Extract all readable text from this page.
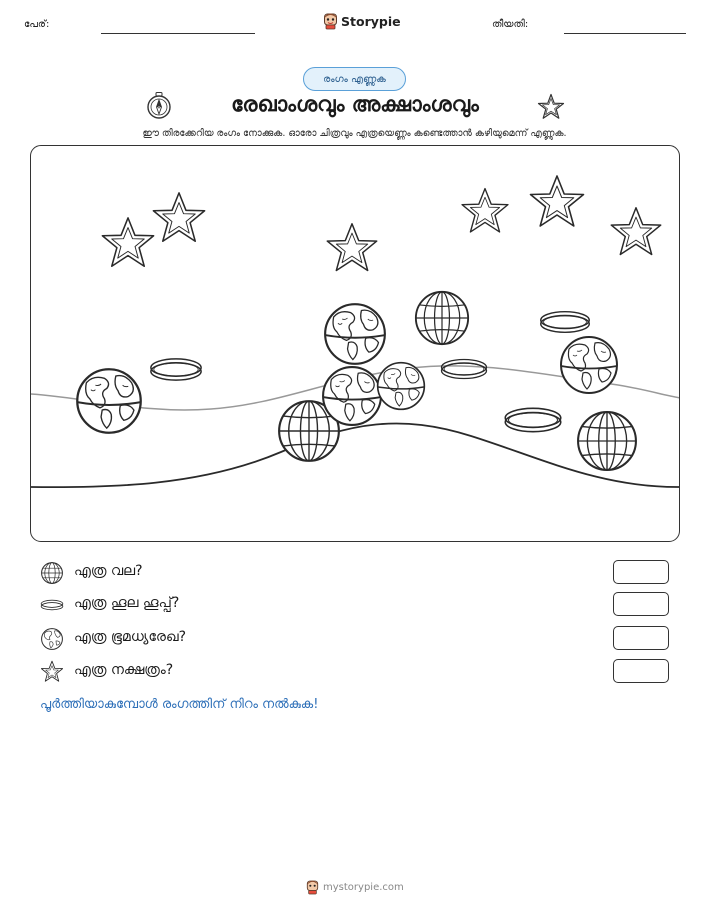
പേര്:	Storypie	തീയതി:
രംഗം എണ്ണുക
രേഖാംശവും അക്ഷാംശവും
ഈ തിരക്കേറിയ രംഗം നോക്കുക. ഓരോ ചിത്രവും എത്രയെണ്ണം കണ്ടെത്താൻ കഴിയുമെന്ന് എണ്ണുക.
എത്ര വല?
എത്ര ഹൂല ഹൂപ്പ്?
എത്ര ഭൂമധ്യരേഖ?
എത്ര നക്ഷത്രം?
പൂർത്തിയാകുമ്പോൾ രംഗത്തിന് നിറം നൽകുക!
mystorypie.com
